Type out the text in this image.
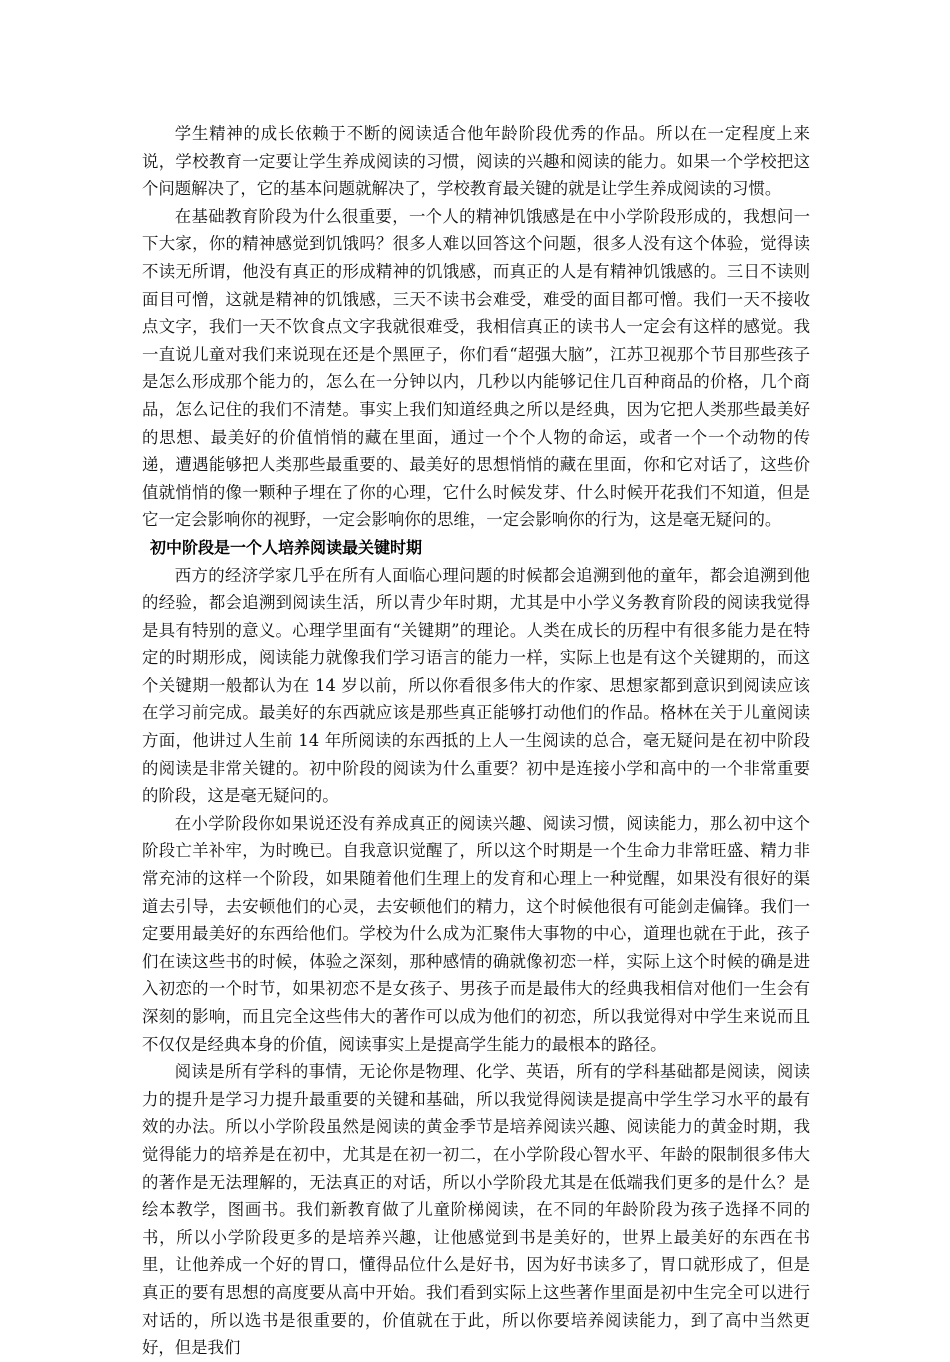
学生精神的成长依赖于不断的阅读适合他年龄阶段优秀的作品。所以在一定程度上来说，学校教育一定要让学生养成阅读的习惯，阅读的兴趣和阅读的能力。如果一个学校把这个问题解决了，它的基本问题就解决了，学校教育最关键的就是让学生养成阅读的习惯。

在基础教育阶段为什么很重要，一个人的精神饥饿感是在中小学阶段形成的，我想问一下大家，你的精神感觉到饥饿吗？很多人难以回答这个问题，很多人没有这个体验，觉得读不读无所谓，他没有真正的形成精神的饥饿感，而真正的人是有精神饥饿感的。三日不读则面目可憎，这就是精神的饥饿感，三天不读书会难受，难受的面目都可憎。我们一天不接收点文字，我们一天不饮食点文字我就很难受，我相信真正的读书人一定会有这样的感觉。我一直说儿童对我们来说现在还是个黑匣子，你们看“超强大脑”，江苏卫视那个节目那些孩子是怎么形成那个能力的，怎么在一分钟以内，几秒以内能够记住几百种商品的价格，几个商品，怎么记住的我们不清楚。事实上我们知道经典之所以是经典，因为它把人类那些最美好的思想、最美好的价值悄悄的藏在里面，通过一个个人物的命运，或者一个一个动物的传递，遭遇能够把人类那些最重要的、最美好的思想悄悄的藏在里面，你和它对话了，这些价值就悄悄的像一颗种子埋在了你的心理，它什么时候发芽、什么时候开花我们不知道，但是它一定会影响你的视野，一定会影响你的思维，一定会影响你的行为，这是毫无疑问的。

初中阶段是一个人培养阅读最关键时期

西方的经济学家几乎在所有人面临心理问题的时候都会追溯到他的童年，都会追溯到他的经验，都会追溯到阅读生活，所以青少年时期，尤其是中小学义务教育阶段的阅读我觉得是具有特别的意义。心理学里面有“关键期”的理论。人类在成长的历程中有很多能力是在特定的时期形成，阅读能力就像我们学习语言的能力一样，实际上也是有这个关键期的，而这个关键期一般都认为在 14 岁以前，所以你看很多伟大的作家、思想家都到意识到阅读应该在学习前完成。最美好的东西就应该是那些真正能够打动他们的作品。格林在关于儿童阅读方面，他讲过人生前 14 年所阅读的东西抵的上人一生阅读的总合，毫无疑问是在初中阶段的阅读是非常关键的。初中阶段的阅读为什么重要？初中是连接小学和高中的一个非常重要的阶段，这是毫无疑问的。

在小学阶段你如果说还没有养成真正的阅读兴趣、阅读习惯，阅读能力，那么初中这个阶段亡羊补牢，为时晚已。自我意识觉醒了，所以这个时期是一个生命力非常旺盛、精力非常充沛的这样一个阶段，如果随着他们生理上的发育和心理上一种觉醒，如果没有很好的渠道去引导，去安顿他们的心灵，去安顿他们的精力，这个时候他很有可能剑走偏锋。我们一定要用最美好的东西给他们。学校为什么成为汇聚伟大事物的中心，道理也就在于此，孩子们在读这些书的时候，体验之深刻，那种感情的确就像初恋一样，实际上这个时候的确是进入初恋的一个时节，如果初恋不是女孩子、男孩子而是最伟大的经典我相信对他们一生会有深刻的影响，而且完全这些伟大的著作可以成为他们的初恋，所以我觉得对中学生来说而且不仅仅是经典本身的价值，阅读事实上是提高学生能力的最根本的路径。

阅读是所有学科的事情，无论你是物理、化学、英语，所有的学科基础都是阅读，阅读力的提升是学习力提升最重要的关键和基础，所以我觉得阅读是提高中学生学习水平的最有效的办法。所以小学阶段虽然是阅读的黄金季节是培养阅读兴趣、阅读能力的黄金时期，我觉得能力的培养是在初中，尤其是在初一初二，在小学阶段心智水平、年龄的限制很多伟大的著作是无法理解的，无法真正的对话，所以小学阶段尤其是在低端我们更多的是什么？是绘本教学，图画书。我们新教育做了儿童阶梯阅读，在不同的年龄阶段为孩子选择不同的书，所以小学阶段更多的是培养兴趣，让他感觉到书是美好的，世界上最美好的东西在书里，让他养成一个好的胃口，懂得品位什么是好书，因为好书读多了，胃口就形成了，但是真正的要有思想的高度要从高中开始。我们看到实际上这些著作里面是初中生完全可以进行对话的，所以选书是很重要的，价值就在于此，所以你要培养阅读能力，到了高中当然更好，但是我们
